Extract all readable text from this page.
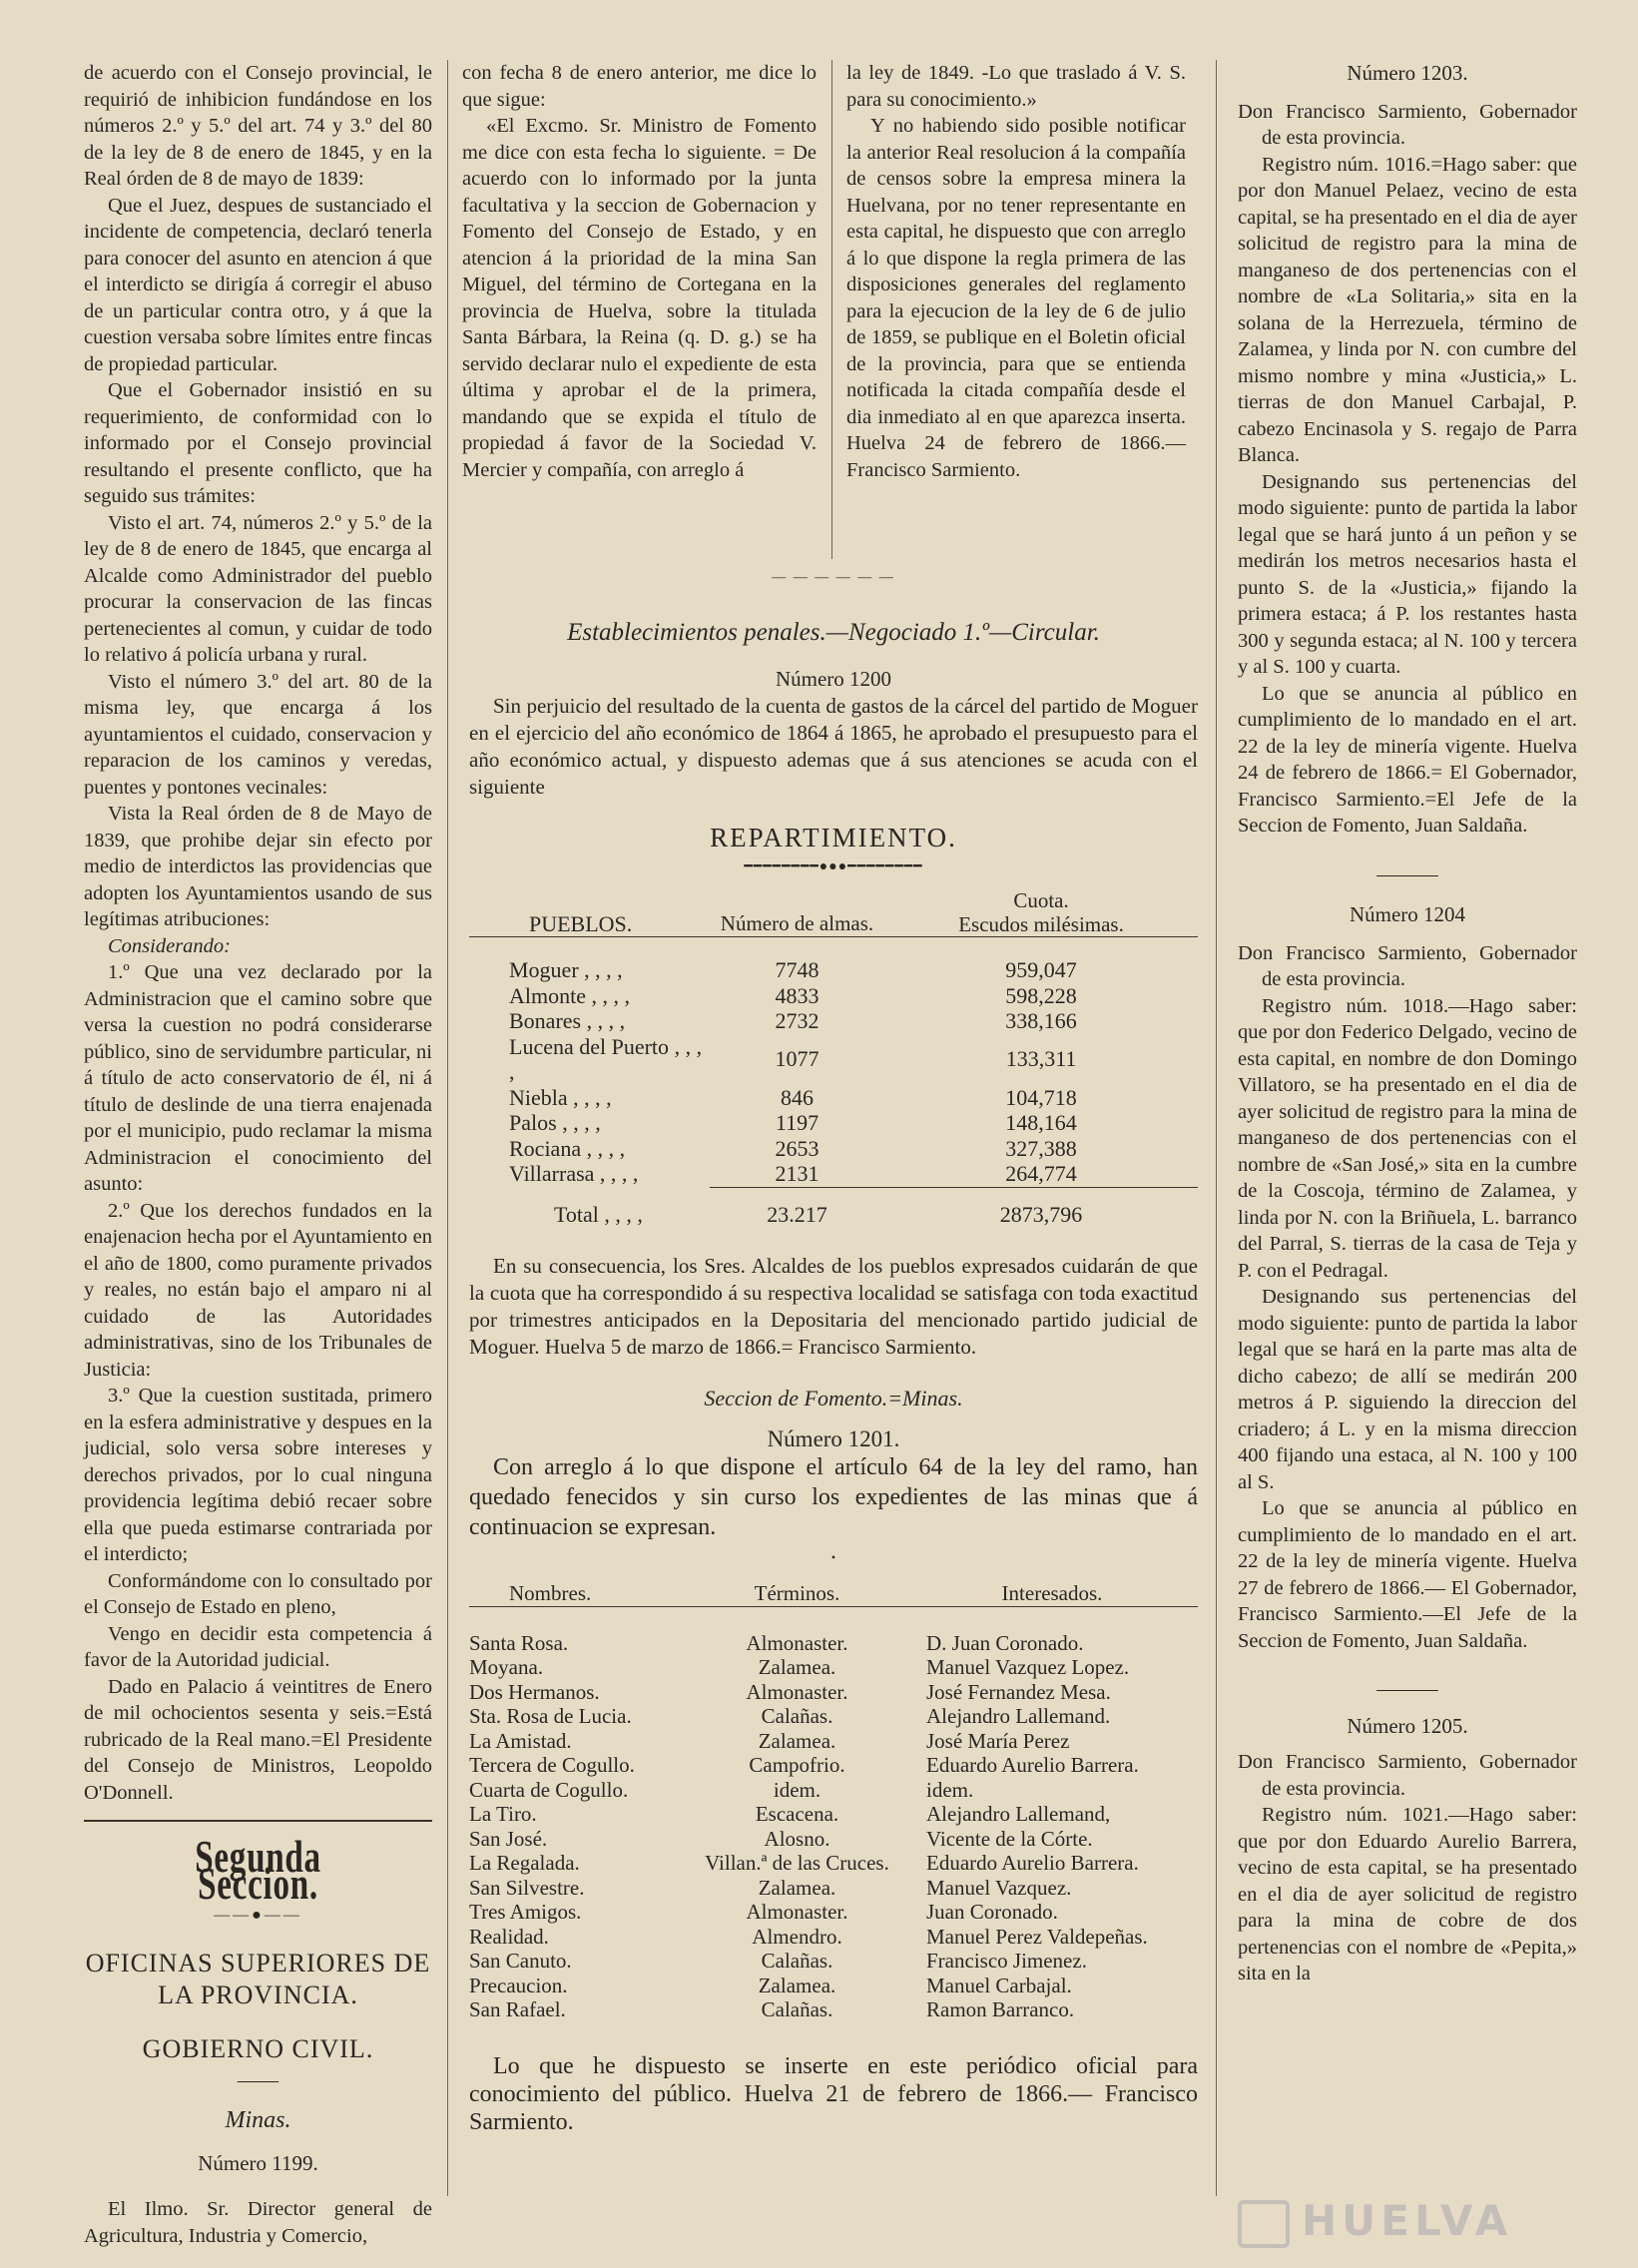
de acuerdo con el Consejo provincial, le requirió de inhibicion fundándose en los números 2.º y 5.º del art. 74 y 3.º del 80 de la ley de 8 de enero de 1845, y en la Real órden de 8 de mayo de 1839:

Que el Juez, despues de sustanciado el incidente de competencia, declaró tenerla para conocer del asunto en atencion á que el interdicto se dirigía á corregir el abuso de un particular contra otro, y á que la cuestion versaba sobre límites entre fincas de propiedad particular.

Que el Gobernador insistió en su requerimiento, de conformidad con lo informado por el Consejo provincial resultando el presente conflicto, que ha seguido sus trámites:

Visto el art. 74, números 2.º y 5.º de la ley de 8 de enero de 1845, que encarga al Alcalde como Administrador del pueblo procurar la conservacion de las fincas pertenecientes al comun, y cuidar de todo lo relativo á policía urbana y rural.

Visto el número 3.º del art. 80 de la misma ley, que encarga á los ayuntamientos el cuidado, conservacion y reparacion de los caminos y veredas, puentes y pontones vecinales:

Vista la Real órden de 8 de Mayo de 1839, que prohibe dejar sin efecto por medio de interdictos las providencias que adopten los Ayuntamientos usando de sus legítimas atribuciones:

Considerando:

1.º Que una vez declarado por la Administracion que el camino sobre que versa la cuestion no podrá considerarse público, sino de servidumbre particular, ni á título de acto conservatorio de él, ni á título de deslinde de una tierra enajenada por el municipio, pudo reclamar la misma Administracion el conocimiento del asunto:

2.º Que los derechos fundados en la enajenacion hecha por el Ayuntamiento en el año de 1800, como puramente privados y reales, no están bajo el amparo ni al cuidado de las Autoridades administrativas, sino de los Tribunales de Justicia:

3.º Que la cuestion sustitada, primero en la esfera administrative y despues en la judicial, solo versa sobre intereses y derechos privados, por lo cual ninguna providencia legítima debió recaer sobre ella que pueda estimarse contrariada por el interdicto;

Conformándome con lo consultado por el Consejo de Estado en pleno,

Vengo en decidir esta competencia á favor de la Autoridad judicial.

Dado en Palacio á veintitres de Enero de mil ochocientos sesenta y seis.=Está rubricado de la Real mano.=El Presidente del Consejo de Ministros, Leopoldo O'Donnell.

Segunda Seccion.
——●——
OFICINAS SUPERIORES DE LA PROVINCIA.
GOBIERNO CIVIL.
——
Minas.
Número 1199.

El Ilmo. Sr. Director general de Agricultura, Industria y Comercio,

con fecha 8 de enero anterior, me dice lo que sigue:

«El Excmo. Sr. Ministro de Fomento me dice con esta fecha lo siguiente. = De acuerdo con lo informado por la junta facultativa y la seccion de Gobernacion y Fomento del Consejo de Estado, y en atencion á la prioridad de la mina San Miguel, del término de Cortegana en la provincia de Huelva, sobre la titulada Santa Bárbara, la Reina (q. D. g.) se ha servido declarar nulo el expediente de esta última y aprobar el de la primera, mandando que se expida el título de propiedad á favor de la Sociedad V. Mercier y compañía, con arreglo á

la ley de 1849. -Lo que traslado á V. S. para su conocimiento.»

Y no habiendo sido posible notificar la anterior Real resolucion á la compañía de censos sobre la empresa minera la Huelvana, por no tener representante en esta capital, he dispuesto que con arreglo á lo que dispone la regla primera de las disposiciones generales del reglamento para la ejecucion de la ley de 6 de julio de 1859, se publique en el Boletin oficial de la provincia, para que se entienda notificada la citada compañía desde el dia inmediato al en que aparezca inserta. Huelva 24 de febrero de 1866.— Francisco Sarmiento.

— — — — — —
Establecimientos penales.—Negociado 1.º—Circular.
Número 1200

Sin perjuicio del resultado de la cuenta de gastos de la cárcel del partido de Moguer en el ejercicio del año económico de 1864 á 1865, he aprobado el presupuesto para el año económico actual, y dispuesto ademas que á sus atenciones se acuda con el siguiente

REPARTIMIENTO.
━━━━━━━━●●●━━━━━━━━
PUEBLOS.	Número de almas.	Cuota.
Escudos milésimas.

Moguer , , , ,	7748	959,047
Almonte , , , ,	4833	598,228
Bonares , , , ,	2732	338,166
Lucena del Puerto , , , ,	1077	133,311
Niebla , , , ,	846	104,718
Palos , , , ,	1197	148,164
Rociana , , , ,	2653	327,388
Villarrasa , , , ,	2131	264,774

Total , , , ,	23.217	2873,796

En su consecuencia, los Sres. Alcaldes de los pueblos expresados cuidarán de que la cuota que ha correspondido á su respectiva localidad se satisfaga con toda exactitud por trimestres anticipados en la Depositaria del mencionado partido judicial de Moguer. Huelva 5 de marzo de 1866.= Francisco Sarmiento.

Seccion de Fomento.=Minas.
Número 1201.

Con arreglo á lo que dispone el artículo 64 de la ley del ramo, han quedado fenecidos y sin curso los expedientes de las minas que á continuacion se expresan.

•
Nombres.	Términos.	Interesados.

Santa Rosa.	Almonaster.	D. Juan Coronado.
Moyana.	Zalamea.	Manuel Vazquez Lopez.
Dos Hermanos.	Almonaster.	José Fernandez Mesa.
Sta. Rosa de Lucia.	Calañas.	Alejandro Lallemand.
La Amistad.	Zalamea.	José María Perez
Tercera de Cogullo.	Campofrio.	Eduardo Aurelio Barrera.
Cuarta de Cogullo.	idem.	idem.
La Tiro.	Escacena.	Alejandro Lallemand,
San José.	Alosno.	Vicente de la Córte.
La Regalada.	Villan.ª de las Cruces.	Eduardo Aurelio Barrera.
San Silvestre.	Zalamea.	Manuel Vazquez.
Tres Amigos.	Almonaster.	Juan Coronado.
Realidad.	Almendro.	Manuel Perez Valdepeñas.
San Canuto.	Calañas.	Francisco Jimenez.
Precaucion.	Zalamea.	Manuel Carbajal.
San Rafael.	Calañas.	Ramon Barranco.

Lo que he dispuesto se inserte en este periódico oficial para conocimiento del público. Huelva 21 de febrero de 1866.— Francisco Sarmiento.

Número 1203.

Don Francisco Sarmiento, Gobernador de esta provincia.

Registro núm. 1016.=Hago saber: que por don Manuel Pelaez, vecino de esta capital, se ha presentado en el dia de ayer solicitud de registro para la mina de manganeso de dos pertenencias con el nombre de «La Solitaria,» sita en la solana de la Herrezuela, término de Zalamea, y linda por N. con cumbre del mismo nombre y mina «Justicia,» L. tierras de don Manuel Carbajal, P. cabezo Encinasola y S. regajo de Parra Blanca.

Designando sus pertenencias del modo siguiente: punto de partida la labor legal que se hará junto á un peñon y se medirán los metros necesarios hasta el punto S. de la «Justicia,» fijando la primera estaca; á P. los restantes hasta 300 y segunda estaca; al N. 100 y tercera y al S. 100 y cuarta.

Lo que se anuncia al público en cumplimiento de lo mandado en el art. 22 de la ley de minería vigente. Huelva 24 de febrero de 1866.= El Gobernador, Francisco Sarmiento.=El Jefe de la Seccion de Fomento, Juan Saldaña.

———
Número 1204

Don Francisco Sarmiento, Gobernador de esta provincia.

Registro núm. 1018.—Hago saber: que por don Federico Delgado, vecino de esta capital, en nombre de don Domingo Villatoro, se ha presentado en el dia de ayer solicitud de registro para la mina de manganeso de dos pertenencias con el nombre de «San José,» sita en la cumbre de la Coscoja, término de Zalamea, y linda por N. con la Briñuela, L. barranco del Parral, S. tierras de la casa de Teja y P. con el Pedragal.

Designando sus pertenencias del modo siguiente: punto de partida la labor legal que se hará en la parte mas alta de dicho cabezo; de allí se medirán 200 metros á P. siguiendo la direccion del criadero; á L. y en la misma direccion 400 fijando una estaca, al N. 100 y 100 al S.

Lo que se anuncia al público en cumplimiento de lo mandado en el art. 22 de la ley de minería vigente. Huelva 27 de febrero de 1866.— El Gobernador, Francisco Sarmiento.—El Jefe de la Seccion de Fomento, Juan Saldaña.

———
Número 1205.

Don Francisco Sarmiento, Gobernador de esta provincia.

Registro núm. 1021.—Hago saber: que por don Eduardo Aurelio Barrera, vecino de esta capital, se ha presentado en el dia de ayer solicitud de registro para la mina de cobre de dos pertenencias con el nombre de «Pepita,» sita en la

HUELVA
